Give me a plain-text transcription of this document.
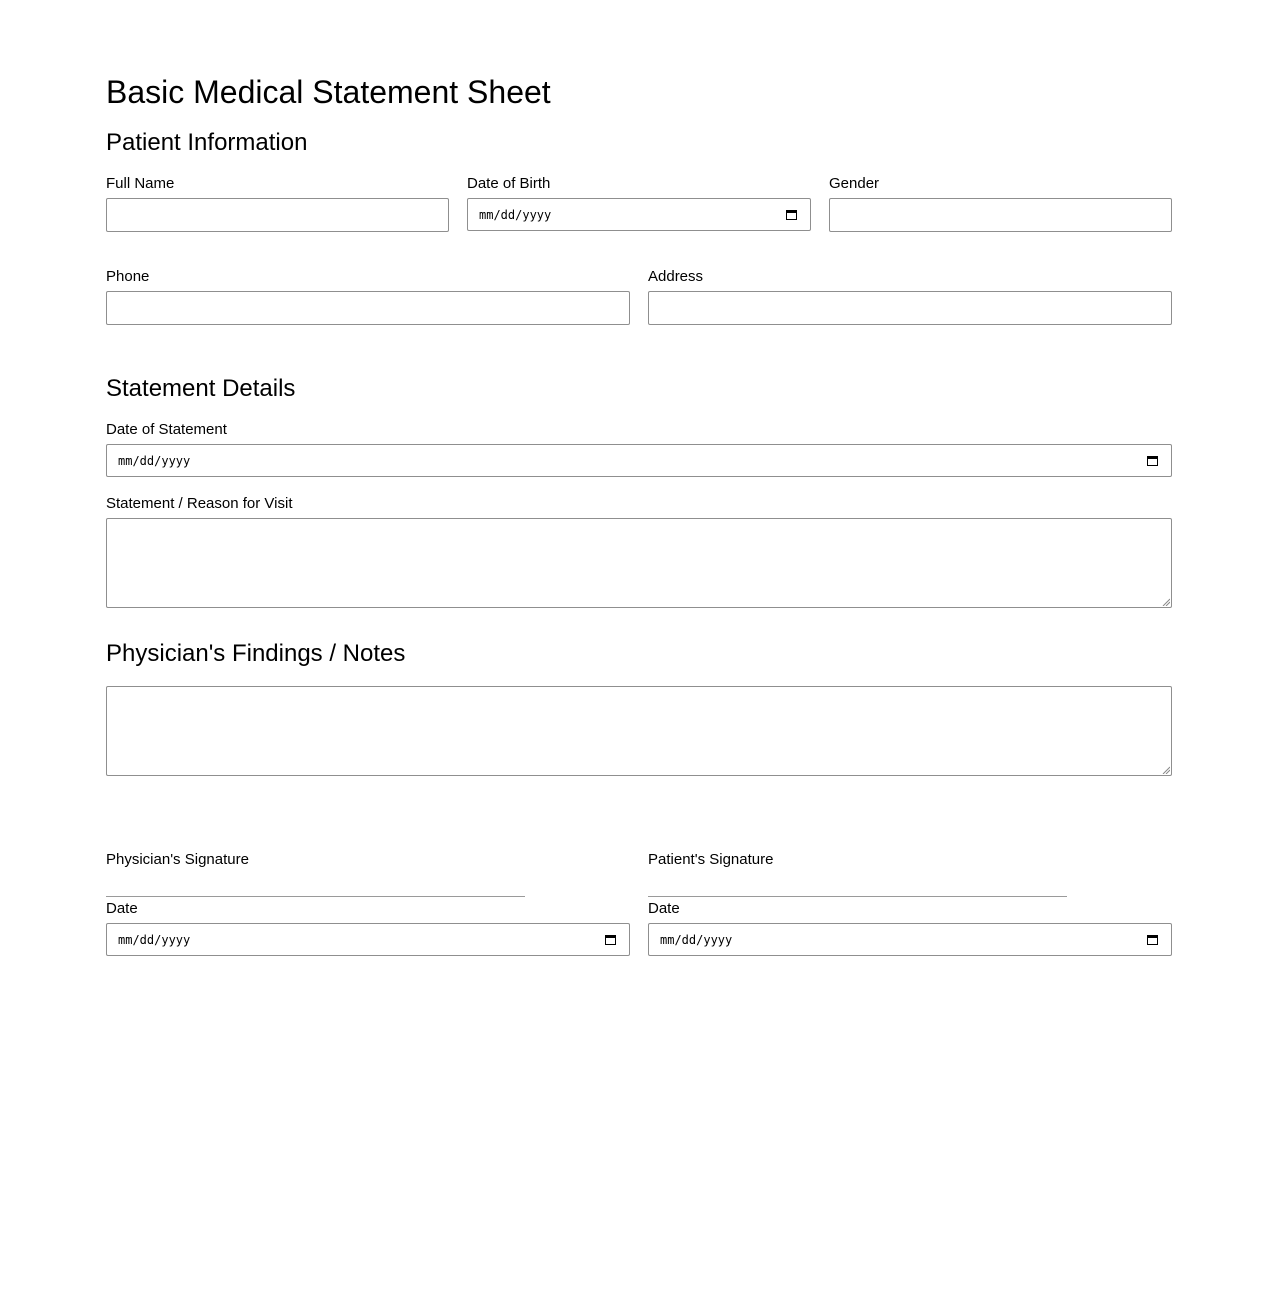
Basic Medical Statement Sheet
Patient Information
Full Name	Date of Birth
mm/dd/yyyy
Gender
Phone	Address
Statement Details
Date of Statement
mm/dd/yyyy
Statement / Reason for Visit
Physician's Findings / Notes
Physician's Signature
Date
mm/dd/yyyy
Patient's Signature
Date
mm/dd/yyyy
